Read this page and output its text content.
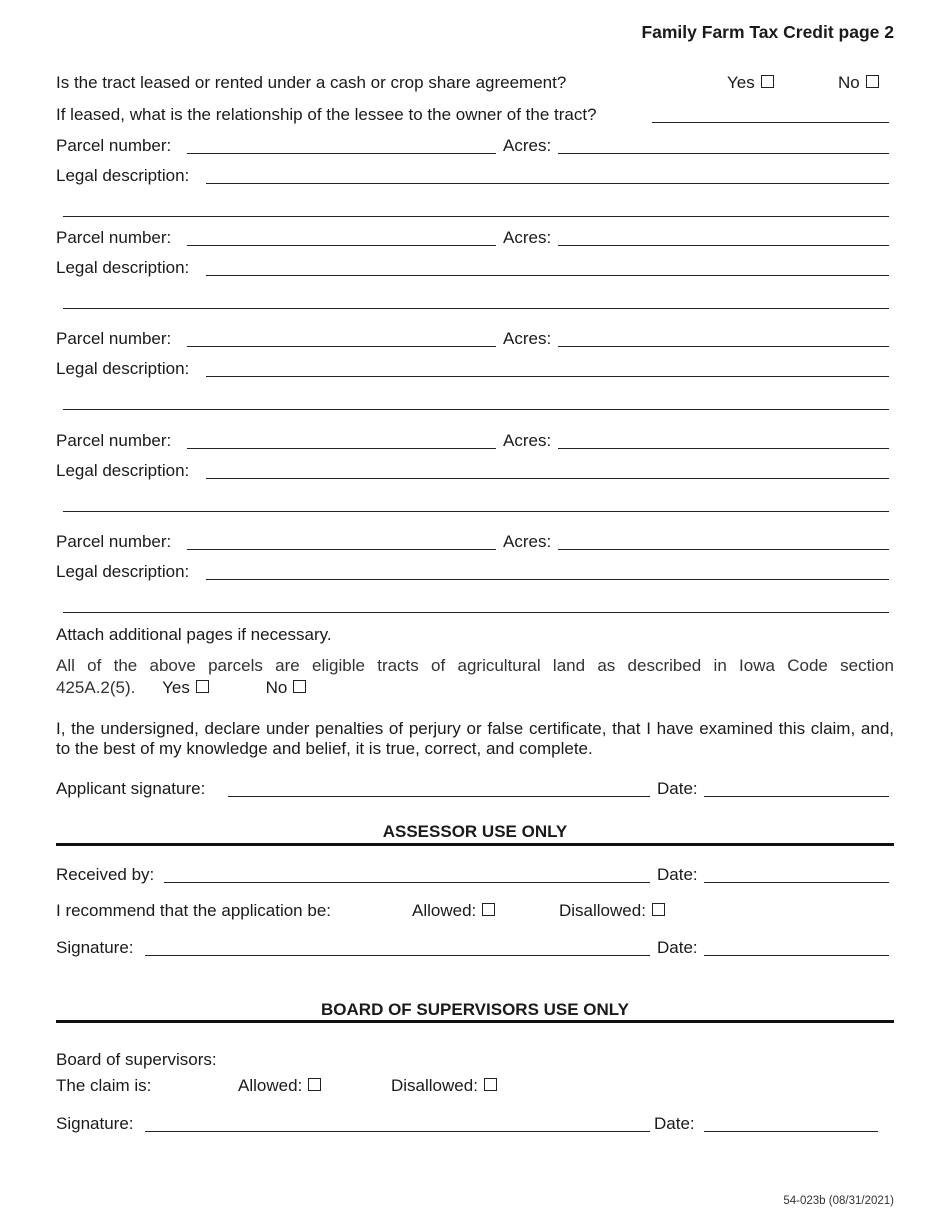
Family Farm Tax Credit page 2
Is the tract leased or rented under a cash or crop share agreement?	Yes	No
If leased, what is the relationship of the lessee to the owner of the tract?
Parcel number:	Acres:
Legal description:
Parcel number:	Acres:
Legal description:
Parcel number:	Acres:
Legal description:
Parcel number:	Acres:
Legal description:
Parcel number:	Acres:
Legal description:
Attach additional pages if necessary.
All of the above parcels are eligible tracts of agricultural land as described in Iowa Code section
425A.2(5). Yes	No
I, the undersigned, declare under penalties of perjury or false certificate, that I have examined this claim, and, to the best of my knowledge and belief, it is true, correct, and complete.
Applicant signature:	Date:
ASSESSOR USE ONLY
Received by:	Date:
I recommend that the application be:	Allowed:	Disallowed:
Signature:	Date:
BOARD OF SUPERVISORS USE ONLY
Board of supervisors:
The claim is:	Allowed:	Disallowed:
Signature:	Date:
54-023b (08/31/2021)
